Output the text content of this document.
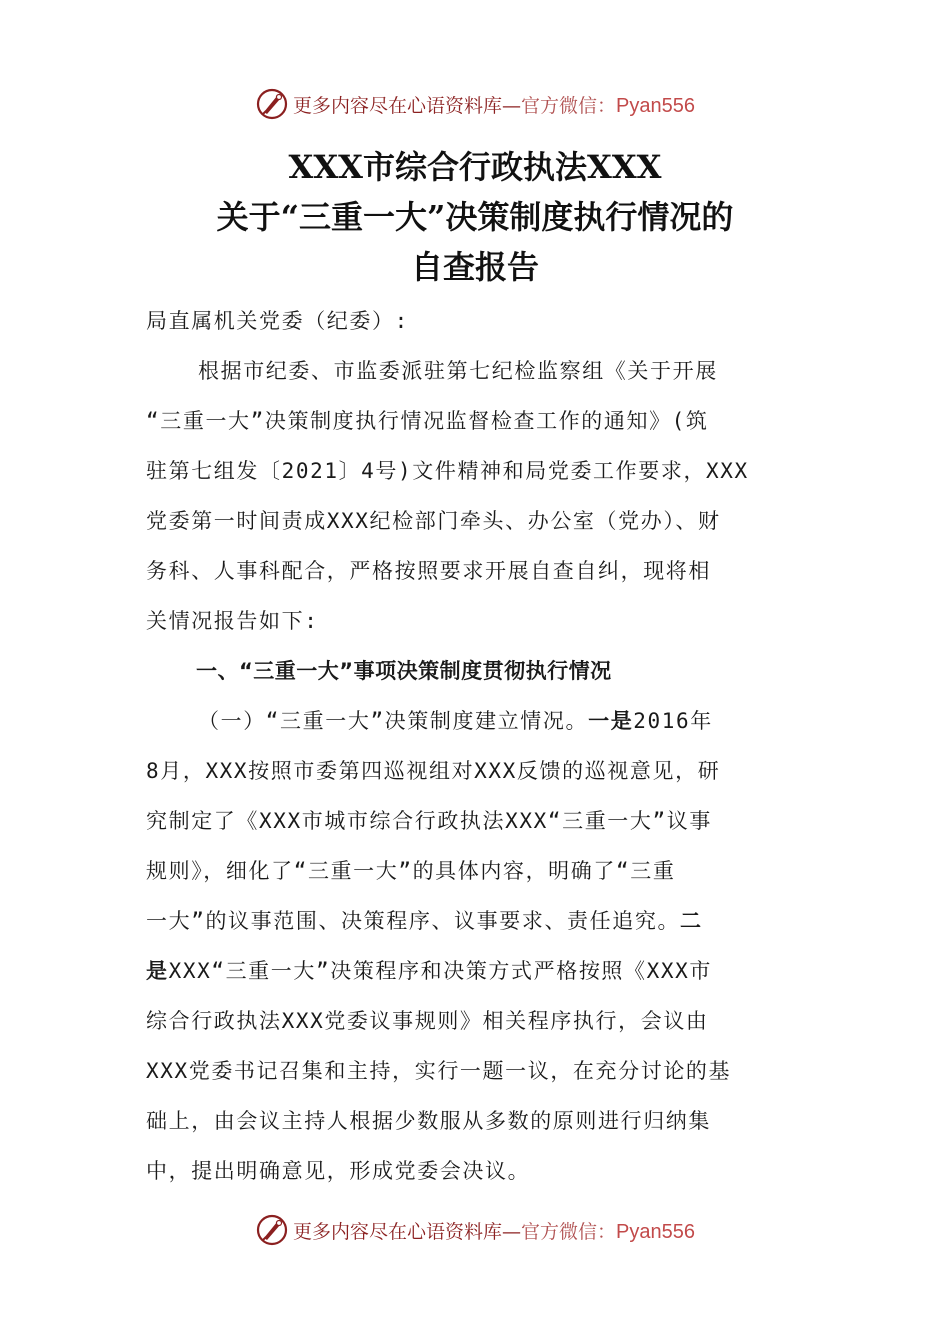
更多内容尽在心语资料库—官方微信：Pyan556
XXX市综合行政执法XXX
关于“三重一大”决策制度执行情况的
自查报告
局直属机关党委（纪委）:
根据市纪委、市监委派驻第七纪检监察组《关于开展
“三重一大”决策制度执行情况监督检查工作的通知》(筑
驻第七组发〔2021〕4号)文件精神和局党委工作要求，XXX
党委第一时间责成XXX纪检部门牵头、办公室（党办）、财
务科、人事科配合，严格按照要求开展自查自纠，现将相
关情况报告如下:
一、“三重一大”事项决策制度贯彻执行情况
（一）“三重一大”决策制度建立情况。一是2016年
8月，XXX按照市委第四巡视组对XXX反馈的巡视意见，研
究制定了《XXX市城市综合行政执法XXX“三重一大”议事
规则》，细化了“三重一大”的具体内容，明确了“三重
一大”的议事范围、决策程序、议事要求、责任追究。二
是XXX“三重一大”决策程序和决策方式严格按照《XXX市
综合行政执法XXX党委议事规则》相关程序执行，会议由
XXX党委书记召集和主持，实行一题一议，在充分讨论的基
础上，由会议主持人根据少数服从多数的原则进行归纳集
中，提出明确意见，形成党委会决议。
更多内容尽在心语资料库—官方微信：Pyan556
